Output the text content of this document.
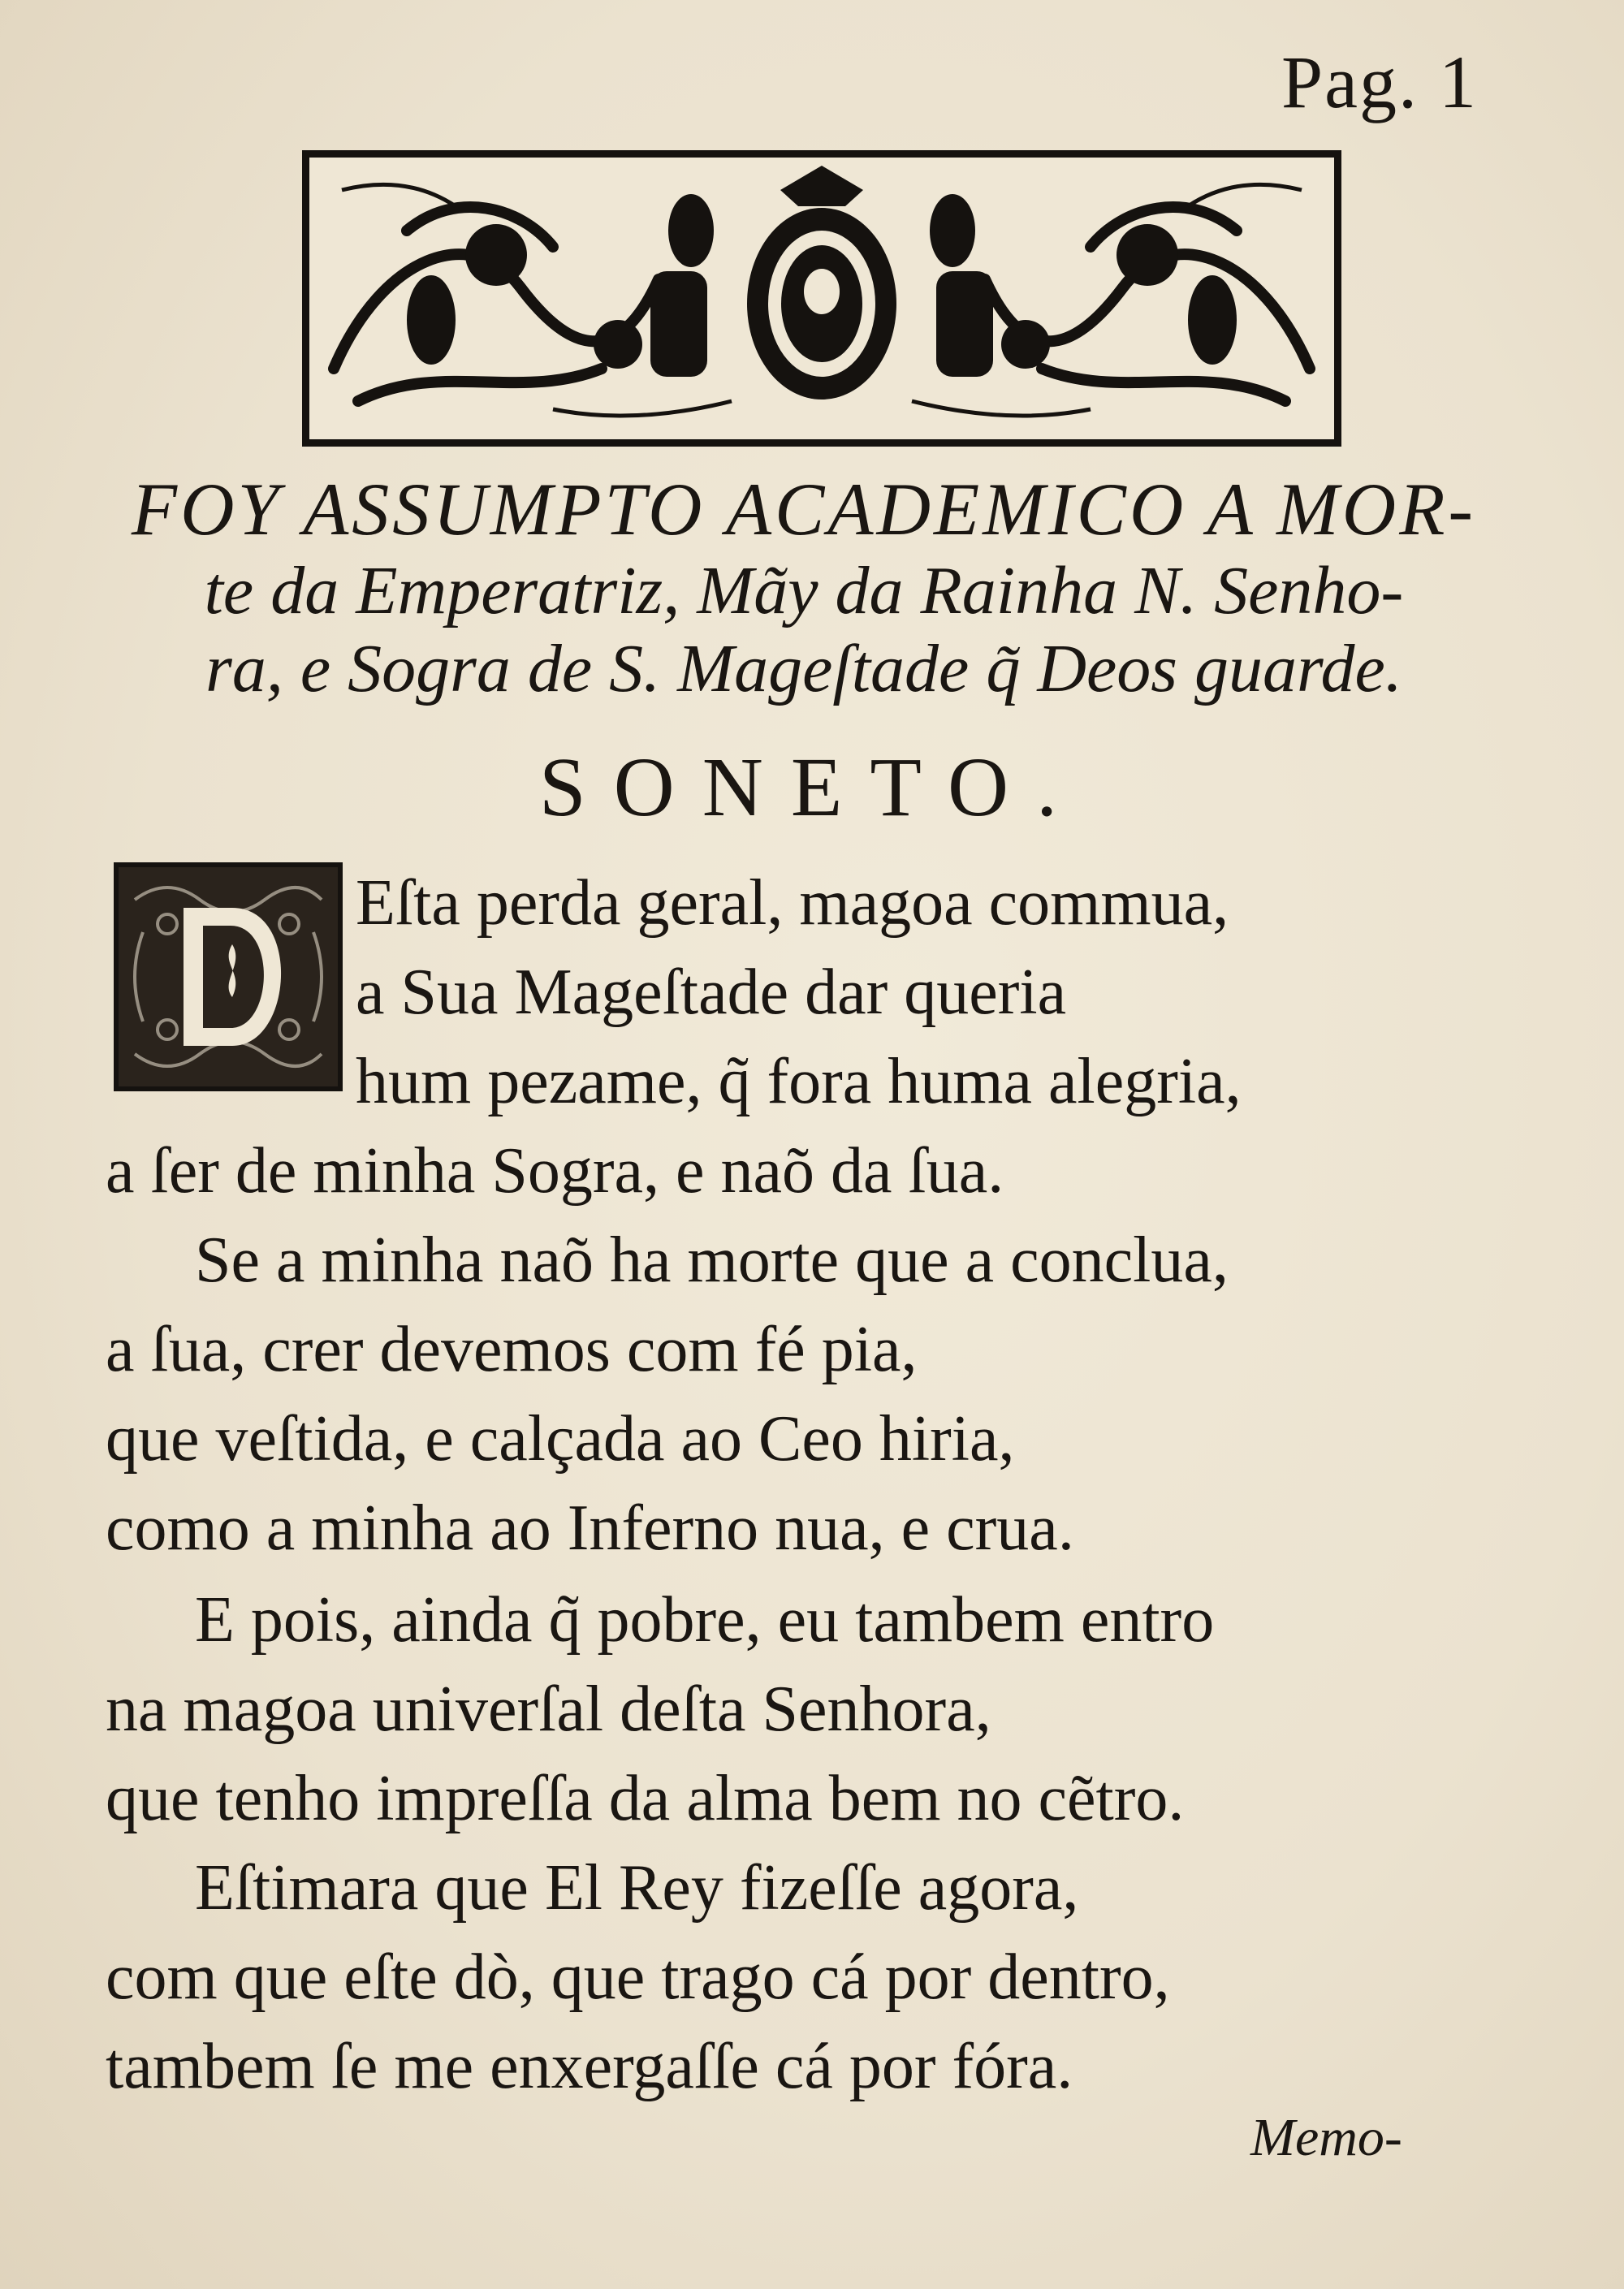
Pag. 1
FOY ASSUMPTO ACADEMICO A MOR-
te da Emperatriz, Mãy da Rainha N. Senho-
ra, e Sogra de S. Mageſtade q̃ Deos guarde.
SONETO.
Eſta perda geral, magoa commua,
a Sua Mageſtade dar queria
hum pezame, q̃ fora huma alegria,
a ſer de minha Sogra, e naõ da ſua.
Se a minha naõ ha morte que a conclua,
a ſua, crer devemos com fé pia,
que veſtida, e calçada ao Ceo hiria,
como a minha ao Inferno nua, e crua.
E pois, ainda q̃ pobre, eu tambem entro
na magoa univerſal deſta Senhora,
que tenho impreſſa da alma bem no cẽtro.
Eſtimara que El Rey fizeſſe agora,
com que eſte dò, que trago cá por dentro,
tambem ſe me enxergaſſe cá por fóra.
Memo-
